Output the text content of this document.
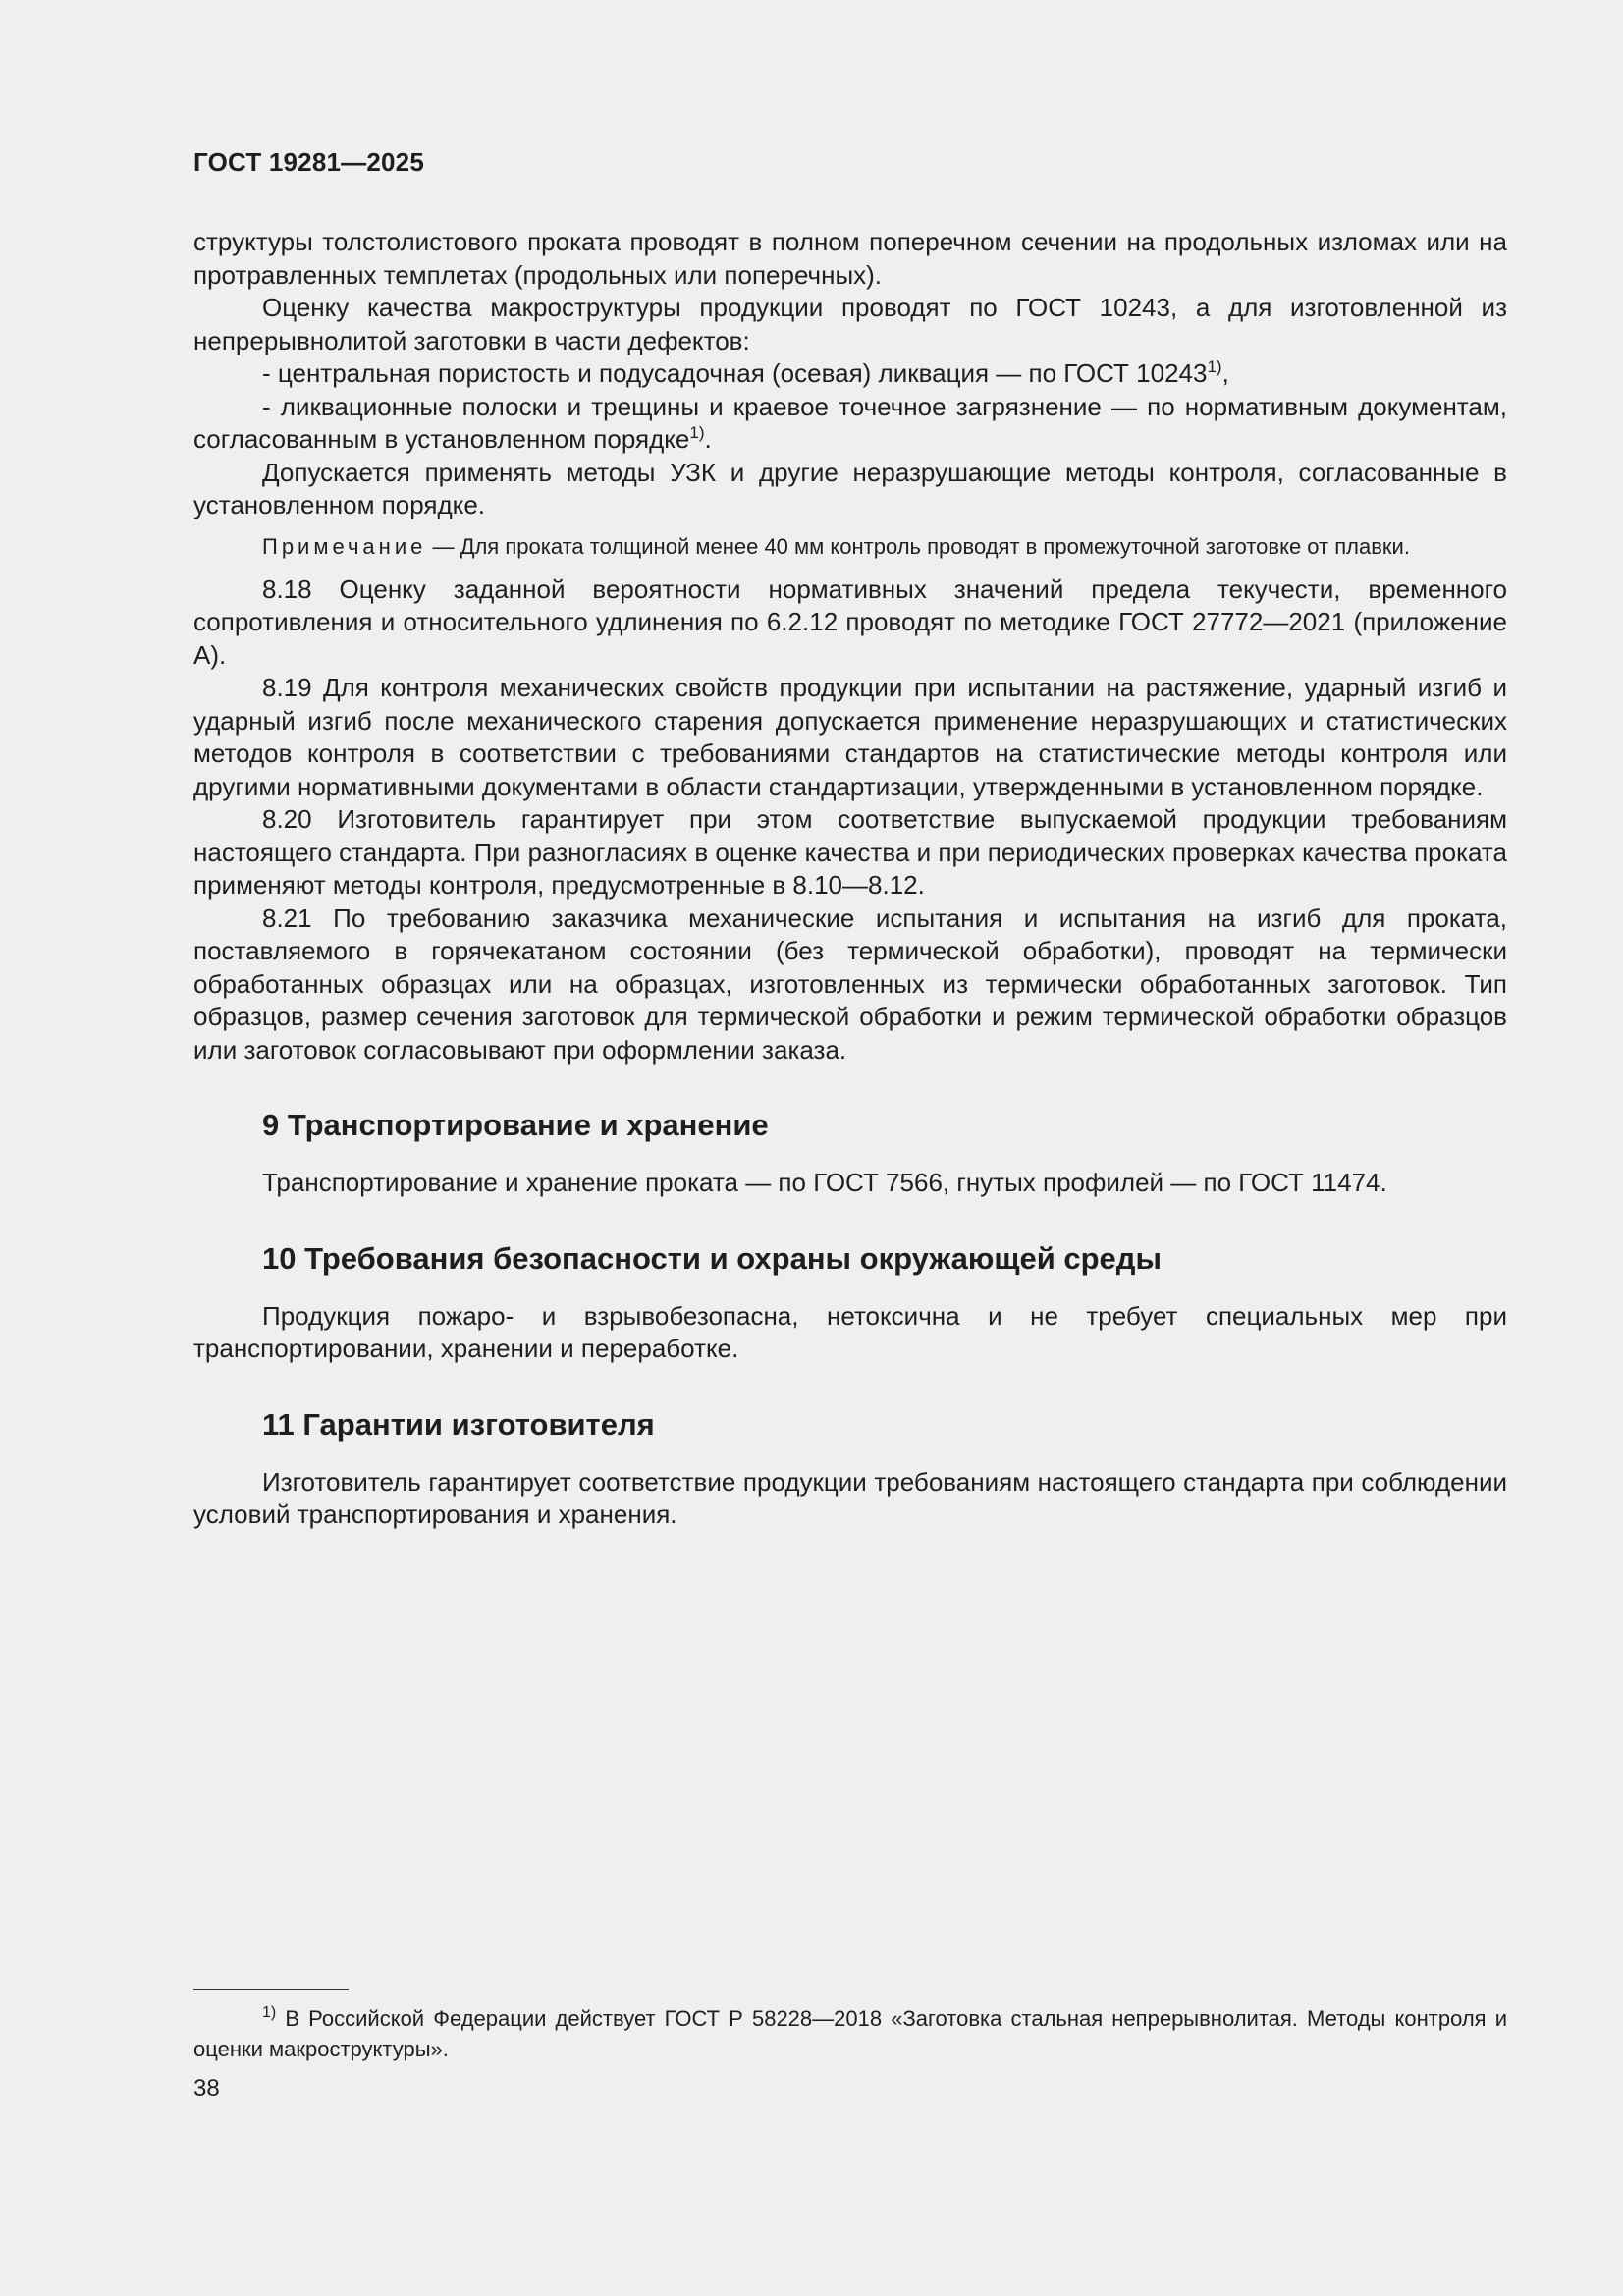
ГОСТ 19281—2025

структуры толстолистового проката проводят в полном поперечном сечении на продольных изломах или на протравленных темплетах (продольных или поперечных).

Оценку качества макроструктуры продукции проводят по ГОСТ 10243, а для изготовленной из непрерывнолитой заготовки в части дефектов:

- центральная пористость и подусадочная (осевая) ликвация — по ГОСТ 10243$^{1)}$,

- ликвационные полоски и трещины и краевое точечное загрязнение — по нормативным документам, согласованным в установленном порядке$^{1)}$.

Допускается применять методы УЗК и другие неразрушающие методы контроля, согласованные в установленном порядке.

Примечание — Для проката толщиной менее 40 мм контроль проводят в промежуточной заготовке от плавки.

8.18 Оценку заданной вероятности нормативных значений предела текучести, временного сопротивления и относительного удлинения по 6.2.12 проводят по методике ГОСТ 27772—2021 (приложение А).

8.19 Для контроля механических свойств продукции при испытании на растяжение, ударный изгиб и ударный изгиб после механического старения допускается применение неразрушающих и статистических методов контроля в соответствии с требованиями стандартов на статистические методы контроля или другими нормативными документами в области стандартизации, утвержденными в установленном порядке.

8.20 Изготовитель гарантирует при этом соответствие выпускаемой продукции требованиям настоящего стандарта. При разногласиях в оценке качества и при периодических проверках качества проката применяют методы контроля, предусмотренные в 8.10—8.12.

8.21 По требованию заказчика механические испытания и испытания на изгиб для проката, поставляемого в горячекатаном состоянии (без термической обработки), проводят на термически обработанных образцах или на образцах, изготовленных из термически обработанных заготовок. Тип образцов, размер сечения заготовок для термической обработки и режим термической обработки образцов или заготовок согласовывают при оформлении заказа.

9 Транспортирование и хранение

Транспортирование и хранение проката — по ГОСТ 7566, гнутых профилей — по ГОСТ 11474.

10 Требования безопасности и охраны окружающей среды

Продукция пожаро- и взрывобезопасна, нетоксична и не требует специальных мер при транспортировании, хранении и переработке.

11 Гарантии изготовителя

Изготовитель гарантирует соответствие продукции требованиям настоящего стандарта при соблюдении условий транспортирования и хранения.

$^{1)}$ В Российской Федерации действует ГОСТ Р 58228—2018 «Заготовка стальная непрерывнолитая. Методы контроля и оценки макроструктуры».
38
